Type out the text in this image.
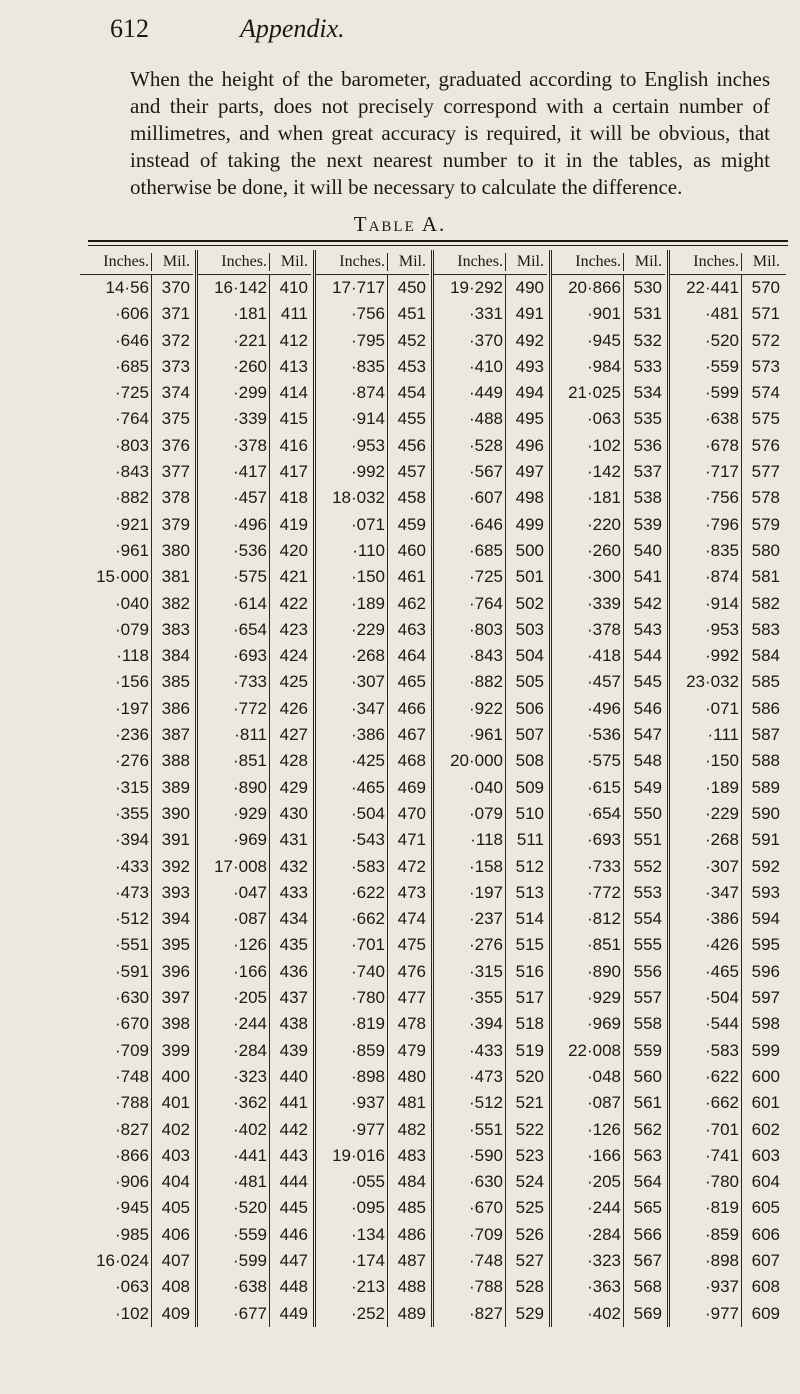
612	Appendix.

When the height of the barometer, graduated according to English inches and their parts, does not precisely correspond with a certain number of millimetres, and when great accuracy is required, it will be obvious, that instead of taking the next nearest number to it in the tables, as might otherwise be done, it will be necessary to calculate the difference.

Table A.
Inches. Mil.
14·56 370
·606 371
·646 372
·685 373
·725 374
·764 375
·803 376
·843 377
·882 378
·921 379
·961 380
15·000 381
·040 382
·079 383
·118 384
·156 385
·197 386
·236 387
·276 388
·315 389
·355 390
·394 391
·433 392
·473 393
·512 394
·551 395
·591 396
·630 397
·670 398
·709 399
·748 400
·788 401
·827 402
·866 403
·906 404
·945 405
·985 406
16·024 407
·063 408
·102 409
Inches. Mil.
16·142 410
·181 411
·221 412
·260 413
·299 414
·339 415
·378 416
·417 417
·457 418
·496 419
·536 420
·575 421
·614 422
·654 423
·693 424
·733 425
·772 426
·811 427
·851 428
·890 429
·929 430
·969 431
17·008 432
·047 433
·087 434
·126 435
·166 436
·205 437
·244 438
·284 439
·323 440
·362 441
·402 442
·441 443
·481 444
·520 445
·559 446
·599 447
·638 448
·677 449
Inches. Mil.
17·717 450
·756 451
·795 452
·835 453
·874 454
·914 455
·953 456
·992 457
18·032 458
·071 459
·110 460
·150 461
·189 462
·229 463
·268 464
·307 465
·347 466
·386 467
·425 468
·465 469
·504 470
·543 471
·583 472
·622 473
·662 474
·701 475
·740 476
·780 477
·819 478
·859 479
·898 480
·937 481
·977 482
19·016 483
·055 484
·095 485
·134 486
·174 487
·213 488
·252 489
Inches. Mil.
19·292 490
·331 491
·370 492
·410 493
·449 494
·488 495
·528 496
·567 497
·607 498
·646 499
·685 500
·725 501
·764 502
·803 503
·843 504
·882 505
·922 506
·961 507
20·000 508
·040 509
·079 510
·118 511
·158 512
·197 513
·237 514
·276 515
·315 516
·355 517
·394 518
·433 519
·473 520
·512 521
·551 522
·590 523
·630 524
·670 525
·709 526
·748 527
·788 528
·827 529
Inches. Mil.
20·866 530
·901 531
·945 532
·984 533
21·025 534
·063 535
·102 536
·142 537
·181 538
·220 539
·260 540
·300 541
·339 542
·378 543
·418 544
·457 545
·496 546
·536 547
·575 548
·615 549
·654 550
·693 551
·733 552
·772 553
·812 554
·851 555
·890 556
·929 557
·969 558
22·008 559
·048 560
·087 561
·126 562
·166 563
·205 564
·244 565
·284 566
·323 567
·363 568
·402 569
Inches. Mil.
22·441 570
·481 571
·520 572
·559 573
·599 574
·638 575
·678 576
·717 577
·756 578
·796 579
·835 580
·874 581
·914 582
·953 583
·992 584
23·032 585
·071 586
·111 587
·150 588
·189 589
·229 590
·268 591
·307 592
·347 593
·386 594
·426 595
·465 596
·504 597
·544 598
·583 599
·622 600
·662 601
·701 602
·741 603
·780 604
·819 605
·859 606
·898 607
·937 608
·977 609
